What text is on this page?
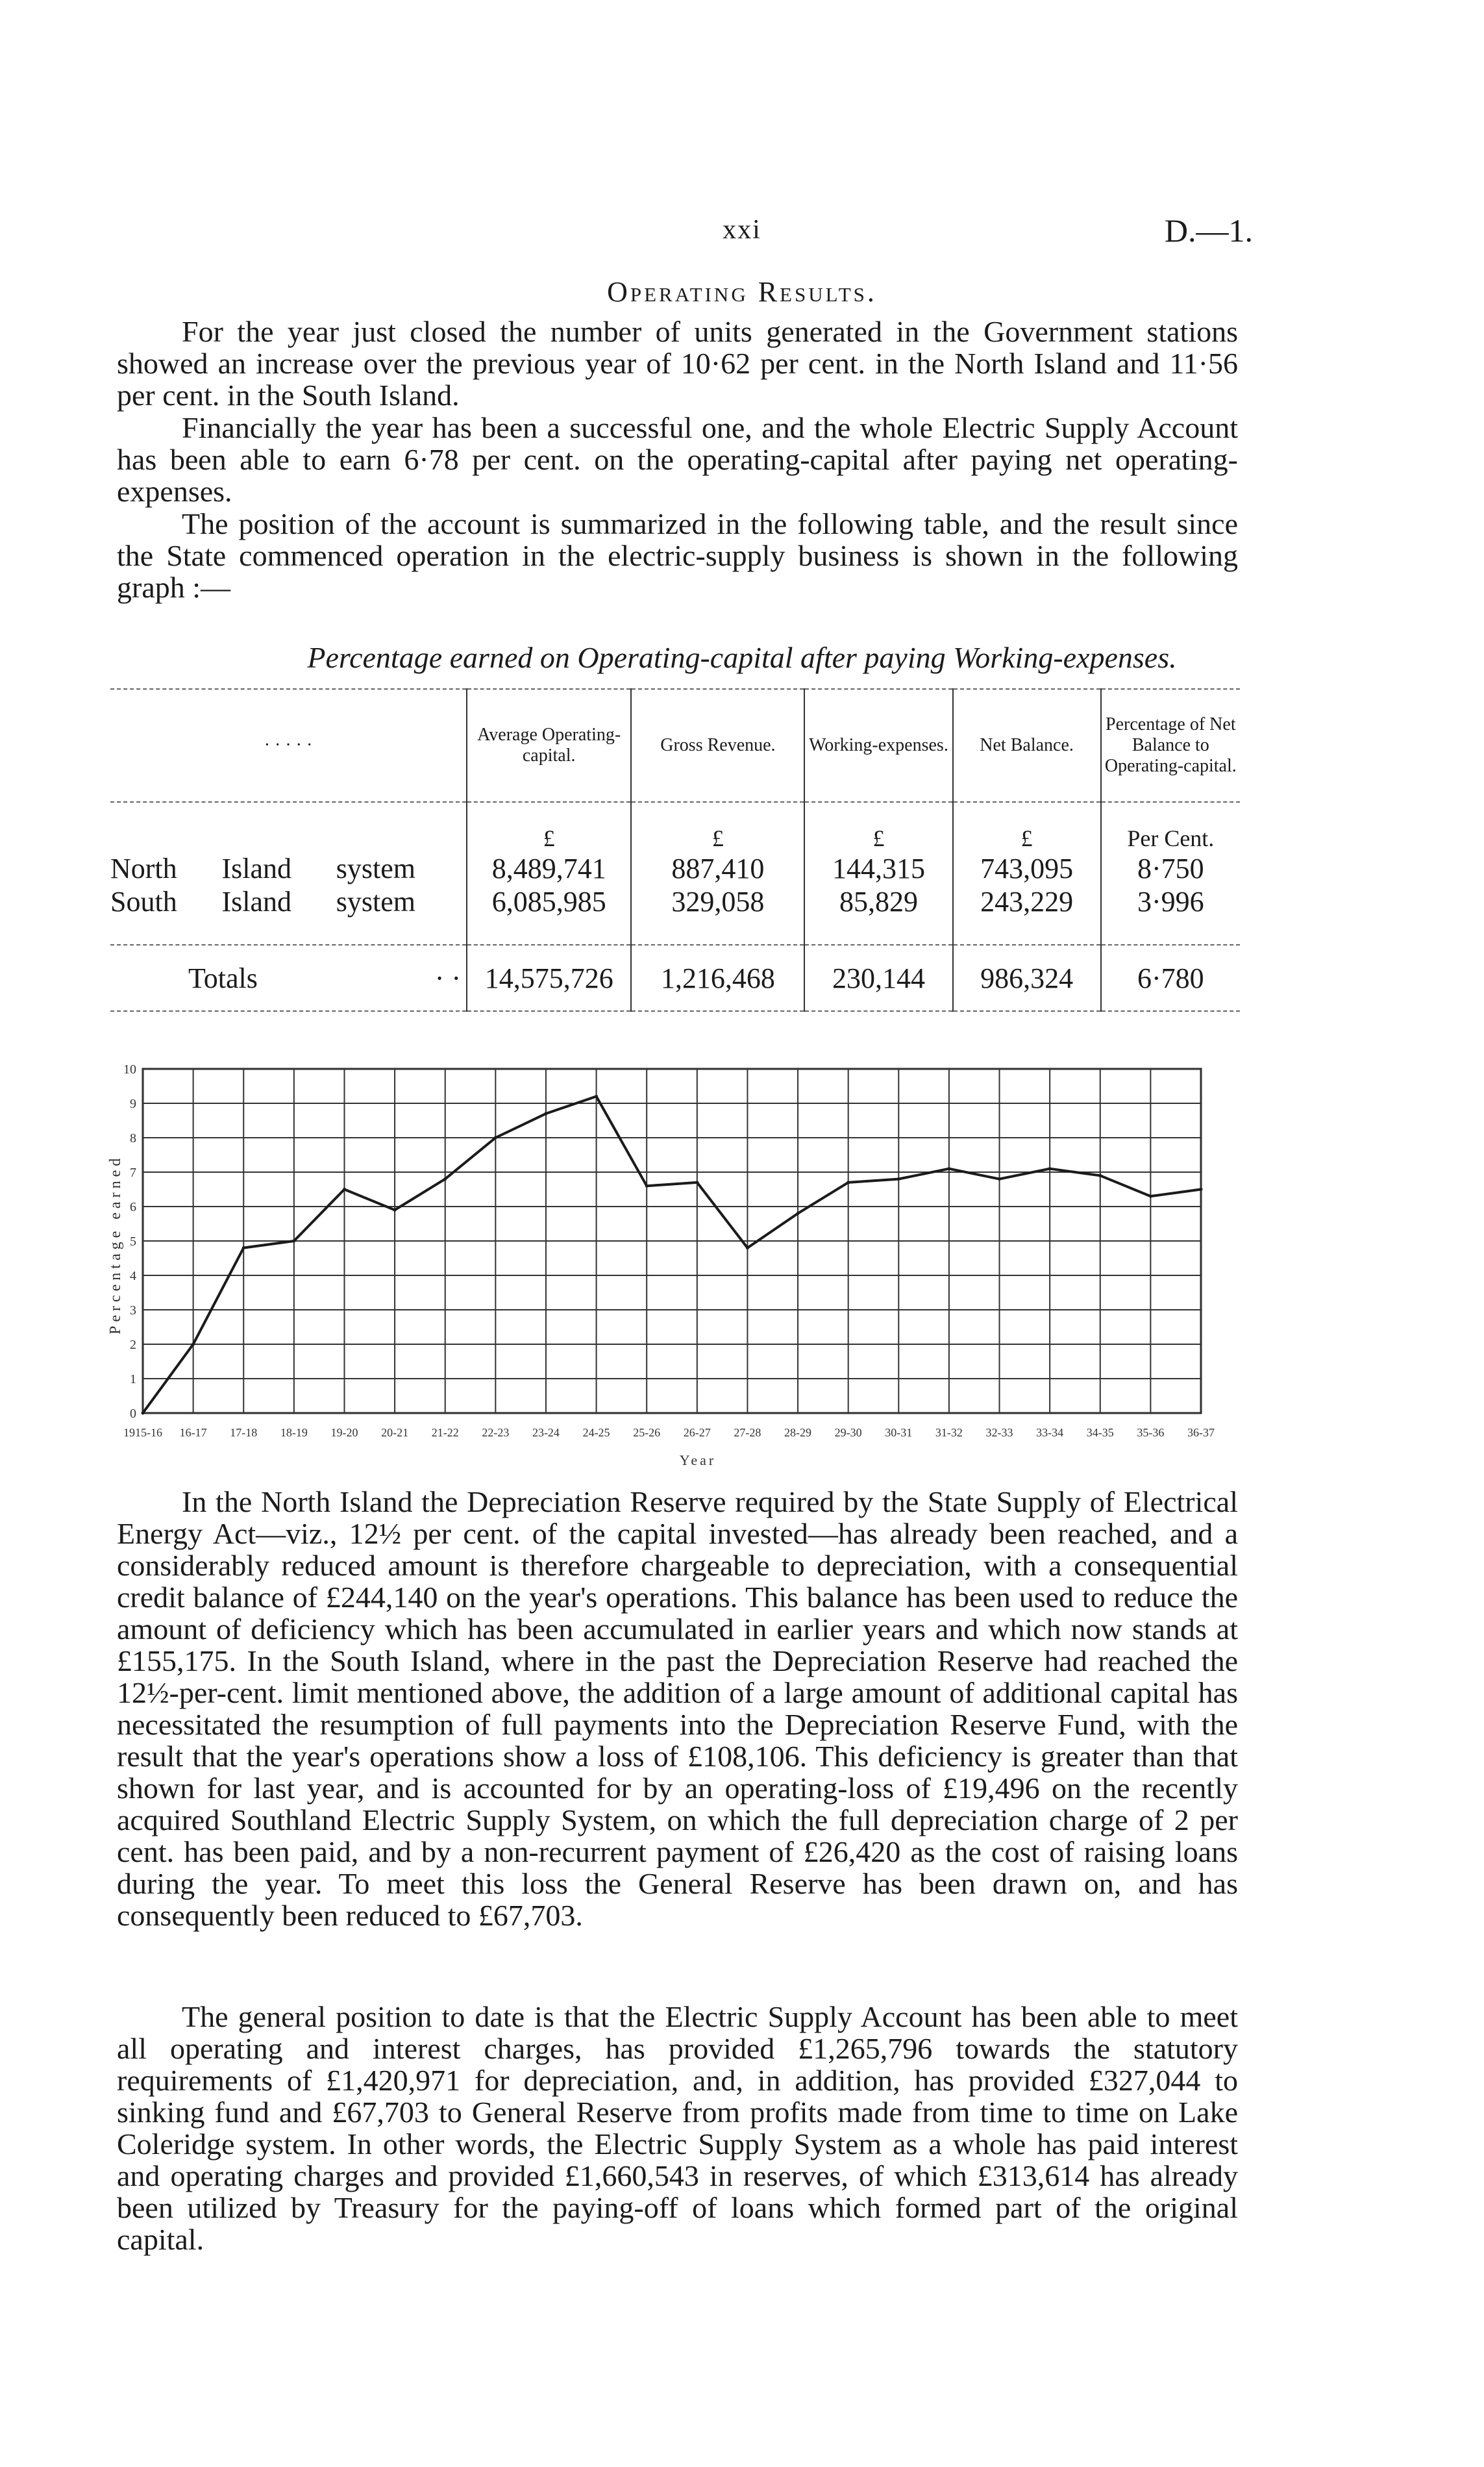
xxi	D.—1.
Operating Results.

For the year just closed the number of units generated in the Government stations showed an increase over the previous year of 10·62 per cent. in the North Island and 11·56 per cent. in the South Island.

Financially the year has been a successful one, and the whole Electric Supply Account has been able to earn 6·78 per cent. on the operating-capital after paying net operating-expenses.

The position of the account is summarized in the following table, and the result since the State commenced operation in the electric-supply business is shown in the following graph :—

Percentage earned on Operating-capital after paying Working-expenses.
· · · · ·	Average Operating-capital.	Gross Revenue.	Working-expenses.	Net Balance.	Percentage of Net Balance to Operating-capital.
	£	£	£	£	Per Cent.

North Island system	8,489,741	887,410	144,315	743,095	8·750

South Island system	6,085,985	329,058	85,829	243,229	3·996

Totals · ·	14,575,726	1,216,468	230,144	986,324	6·780
0
1
2
3
4
5
6
7
8
9
10
1915-16 16-17 17-18 18-19 19-20 20-21 21-22 22-23 23-24 24-25 25-26 26-27 27-28 28-29 29-30 30-31 31-32 32-33 33-34 34-35 35-36 36-37
Year
Percentage earned

In the North Island the Depreciation Reserve required by the State Supply of Electrical Energy Act—viz., 12½ per cent. of the capital invested—has already been reached, and a considerably reduced amount is therefore chargeable to depreciation, with a consequential credit balance of £244,140 on the year's operations. This balance has been used to reduce the amount of deficiency which has been accumulated in earlier years and which now stands at £155,175. In the South Island, where in the past the Depreciation Reserve had reached the 12½-per-cent. limit mentioned above, the addition of a large amount of additional capital has necessitated the resumption of full payments into the Depreciation Reserve Fund, with the result that the year's operations show a loss of £108,106. This deficiency is greater than that shown for last year, and is accounted for by an operating-loss of £19,496 on the recently acquired Southland Electric Supply System, on which the full depreciation charge of 2 per cent. has been paid, and by a non-recurrent payment of £26,420 as the cost of raising loans during the year. To meet this loss the General Reserve has been drawn on, and has consequently been reduced to £67,703.

The general position to date is that the Electric Supply Account has been able to meet all operating and interest charges, has provided £1,265,796 towards the statutory requirements of £1,420,971 for depreciation, and, in addition, has provided £327,044 to sinking fund and £67,703 to General Reserve from profits made from time to time on Lake Coleridge system. In other words, the Electric Supply System as a whole has paid interest and operating charges and provided £1,660,543 in reserves, of which £313,614 has already been utilized by Treasury for the paying-off of loans which formed part of the original capital.
